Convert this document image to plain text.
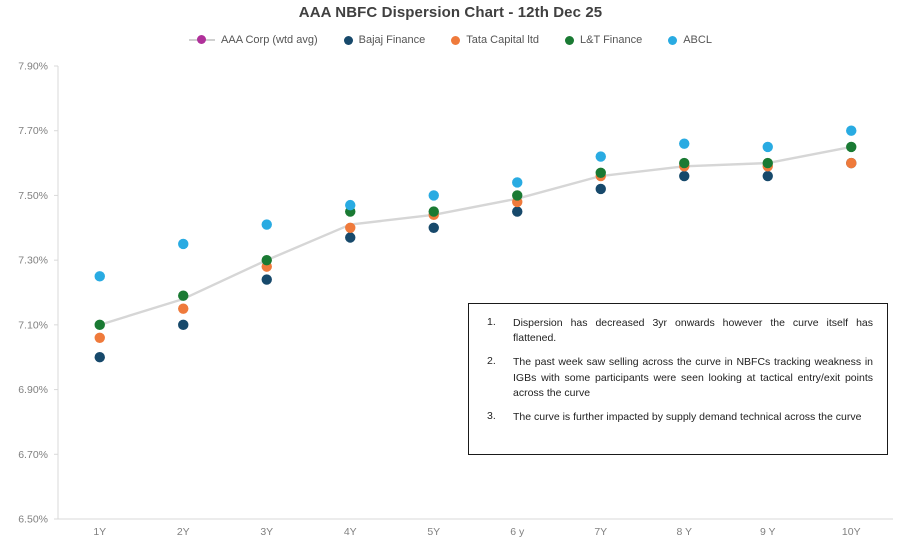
AAA NBFC Dispersion Chart - 12th Dec 25
AAA Corp (wtd avg)	Bajaj Finance	Tata Capital ltd	L&T Finance	ABCL
7.90%
7.70%
7.50%
7.30%
7.10%
6.90%
6.70%
6.50%
1Y	2Y	3Y	4Y	5Y	6 y	7Y	8 Y	9 Y	10Y
1.	Dispersion has decreased 3yr onwards however the curve itself has flattened.
2.	The past week saw selling across the curve in NBFCs tracking weakness in IGBs with some participants were seen looking at tactical entry/exit points across the curve
3.	The curve is further impacted by supply demand technical across the curve
